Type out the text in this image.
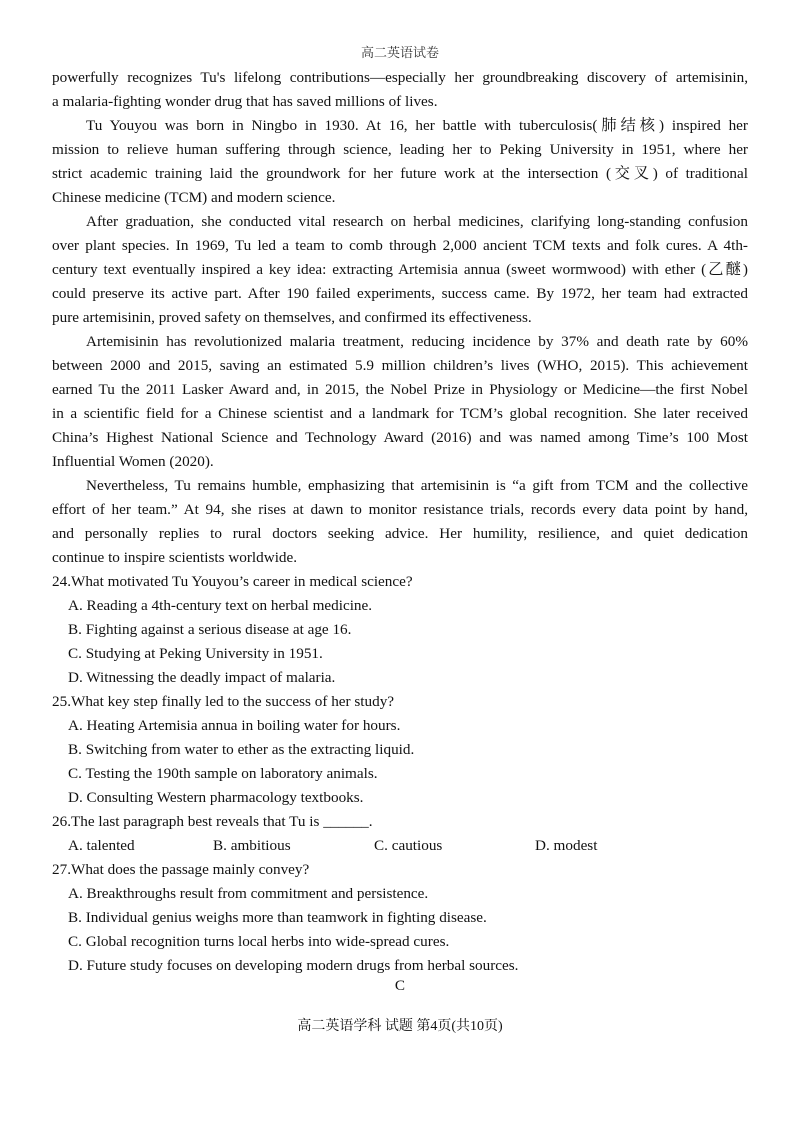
高二英语试卷
powerfully recognizes Tu's lifelong contributions—especially her groundbreaking discovery of artemisinin,
a malaria-fighting wonder drug that has saved millions of lives.
Tu Youyou was born in Ningbo in 1930. At 16, her battle with tuberculosis(肺结核) inspired her
mission to relieve human suffering through science, leading her to Peking University in 1951, where her
strict academic training laid the groundwork for her future work at the intersection (交叉) of traditional
Chinese medicine (TCM) and modern science.
After graduation, she conducted vital research on herbal medicines, clarifying long-standing confusion
over plant species. In 1969, Tu led a team to comb through 2,000 ancient TCM texts and folk cures. A 4th-
century text eventually inspired a key idea: extracting Artemisia annua (sweet wormwood) with ether (乙醚)
could preserve its active part. After 190 failed experiments, success came. By 1972, her team had extracted
pure artemisinin, proved safety on themselves, and confirmed its effectiveness.
Artemisinin has revolutionized malaria treatment, reducing incidence by 37% and death rate by 60%
between 2000 and 2015, saving an estimated 5.9 million children’s lives (WHO, 2015). This achievement
earned Tu the 2011 Lasker Award and, in 2015, the Nobel Prize in Physiology or Medicine—the first Nobel
in a scientific field for a Chinese scientist and a landmark for TCM’s global recognition. She later received
China’s Highest National Science and Technology Award (2016) and was named among Time’s 100 Most
Influential Women (2020).
Nevertheless, Tu remains humble, emphasizing that artemisinin is “a gift from TCM and the collective
effort of her team.” At 94, she rises at dawn to monitor resistance trials, records every data point by hand,
and personally replies to rural doctors seeking advice. Her humility, resilience, and quiet dedication
continue to inspire scientists worldwide.
24.What motivated Tu Youyou’s career in medical science?
A. Reading a 4th-century text on herbal medicine.
B. Fighting against a serious disease at age 16.
C. Studying at Peking University in 1951.
D. Witnessing the deadly impact of malaria.
25.What key step finally led to the success of her study?
A. Heating Artemisia annua in boiling water for hours.
B. Switching from water to ether as the extracting liquid.
C. Testing the 190th sample on laboratory animals.
D. Consulting Western pharmacology textbooks.
26.The last paragraph best reveals that Tu is ______.
A. talented	B. ambitious	C. cautious	D. modest
27.What does the passage mainly convey?
A. Breakthroughs result from commitment and persistence.
B. Individual genius weighs more than teamwork in fighting disease.
C. Global recognition turns local herbs into wide-spread cures.
D. Future study focuses on developing modern drugs from herbal sources.
C
高二英语学科 试题 第4页(共10页)
